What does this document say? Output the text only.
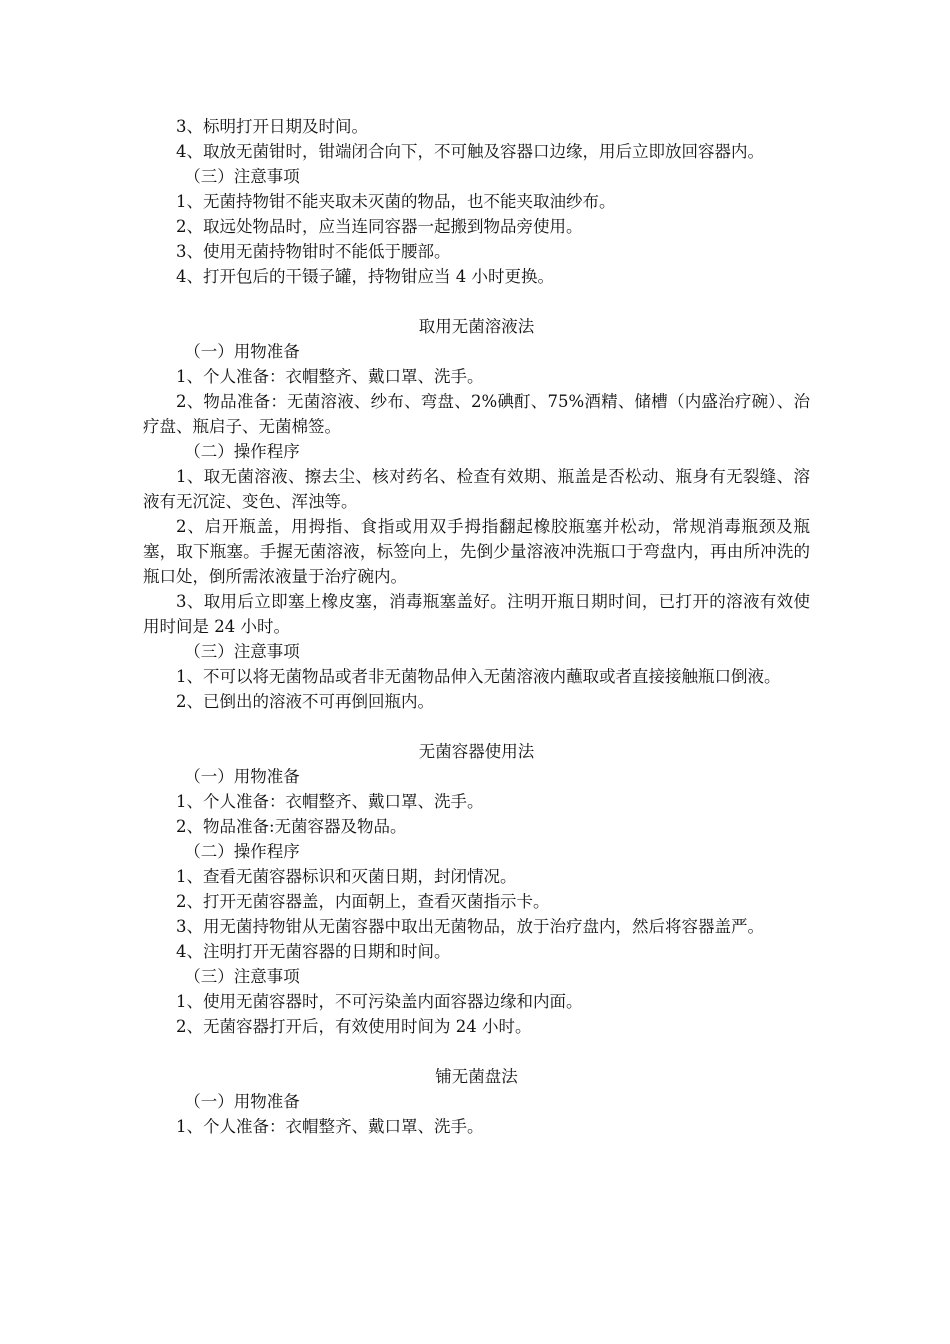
3、标明打开日期及时间。

4、取放无菌钳时，钳端闭合向下，不可触及容器口边缘，用后立即放回容器内。

（三）注意事项

1、无菌持物钳不能夹取未灭菌的物品，也不能夹取油纱布。

2、取远处物品时，应当连同容器一起搬到物品旁使用。

3、使用无菌持物钳时不能低于腰部。

4、打开包后的干镊子罐，持物钳应当 4 小时更换。

取用无菌溶液法

（一）用物准备

1、个人准备：衣帽整齐、戴口罩、洗手。

2、物品准备：无菌溶液、纱布、弯盘、2%碘酊、75%酒精、储槽（内盛治疗碗）、治疗盘、瓶启子、无菌棉签。

（二）操作程序

1、取无菌溶液、擦去尘、核对药名、检查有效期、瓶盖是否松动、瓶身有无裂缝、溶液有无沉淀、变色、浑浊等。

2、启开瓶盖，用拇指、食指或用双手拇指翻起橡胶瓶塞并松动，常规消毒瓶颈及瓶塞，取下瓶塞。手握无菌溶液，标签向上，先倒少量溶液冲洗瓶口于弯盘内，再由所冲洗的瓶口处，倒所需浓液量于治疗碗内。

3、取用后立即塞上橡皮塞，消毒瓶塞盖好。注明开瓶日期时间，已打开的溶液有效使用时间是 24 小时。

（三）注意事项

1、不可以将无菌物品或者非无菌物品伸入无菌溶液内蘸取或者直接接触瓶口倒液。

2、已倒出的溶液不可再倒回瓶内。

无菌容器使用法

（一）用物准备

1、个人准备：衣帽整齐、戴口罩、洗手。

2、物品准备:无菌容器及物品。

（二）操作程序

1、查看无菌容器标识和灭菌日期，封闭情况。

2、打开无菌容器盖，内面朝上，查看灭菌指示卡。

3、用无菌持物钳从无菌容器中取出无菌物品，放于治疗盘内，然后将容器盖严。

4、注明打开无菌容器的日期和时间。

（三）注意事项

1、使用无菌容器时，不可污染盖内面容器边缘和内面。

2、无菌容器打开后，有效使用时间为 24 小时。

铺无菌盘法

（一）用物准备

1、个人准备：衣帽整齐、戴口罩、洗手。
